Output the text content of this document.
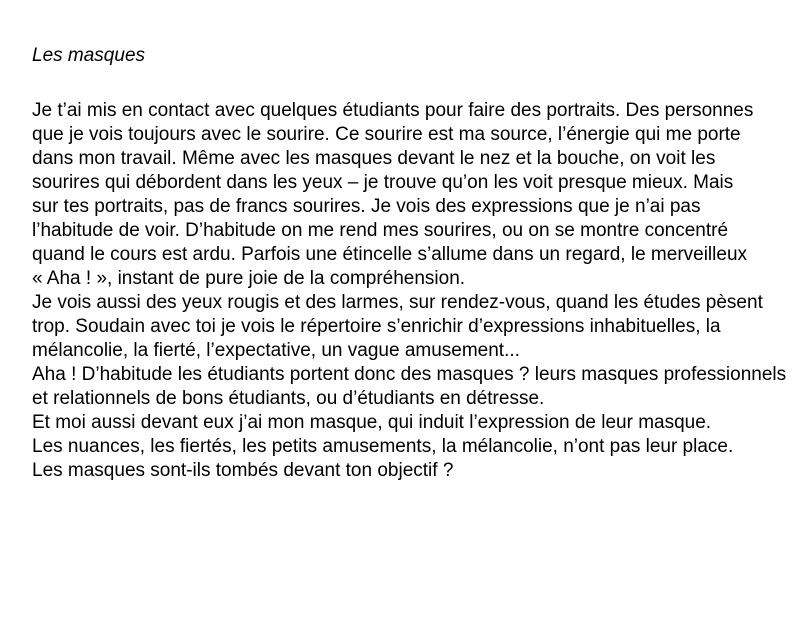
Les masques
Je t’ai mis en contact avec quelques étudiants pour faire des portraits. Des personnes
que je vois toujours avec le sourire. Ce sourire est ma source, l’énergie qui me porte
dans mon travail. Même avec les masques devant le nez et la bouche, on voit les
sourires qui débordent dans les yeux – je trouve qu’on les voit presque mieux. Mais
sur tes portraits, pas de francs sourires. Je vois des expressions que je n’ai pas
l’habitude de voir. D’habitude on me rend mes sourires, ou on se montre concentré
quand le cours est ardu. Parfois une étincelle s’allume dans un regard, le merveilleux
« Aha ! », instant de pure joie de la compréhension.
Je vois aussi des yeux rougis et des larmes, sur rendez-vous, quand les études pèsent
trop. Soudain avec toi je vois le répertoire s’enrichir d’expressions inhabituelles, la
mélancolie, la fierté, l’expectative, un vague amusement...
Aha ! D’habitude les étudiants portent donc des masques ? leurs masques professionnels
et relationnels de bons étudiants, ou d’étudiants en détresse.
Et moi aussi devant eux j’ai mon masque, qui induit l’expression de leur masque.
Les nuances, les fiertés, les petits amusements, la mélancolie, n’ont pas leur place.
Les masques sont-ils tombés devant ton objectif ?
